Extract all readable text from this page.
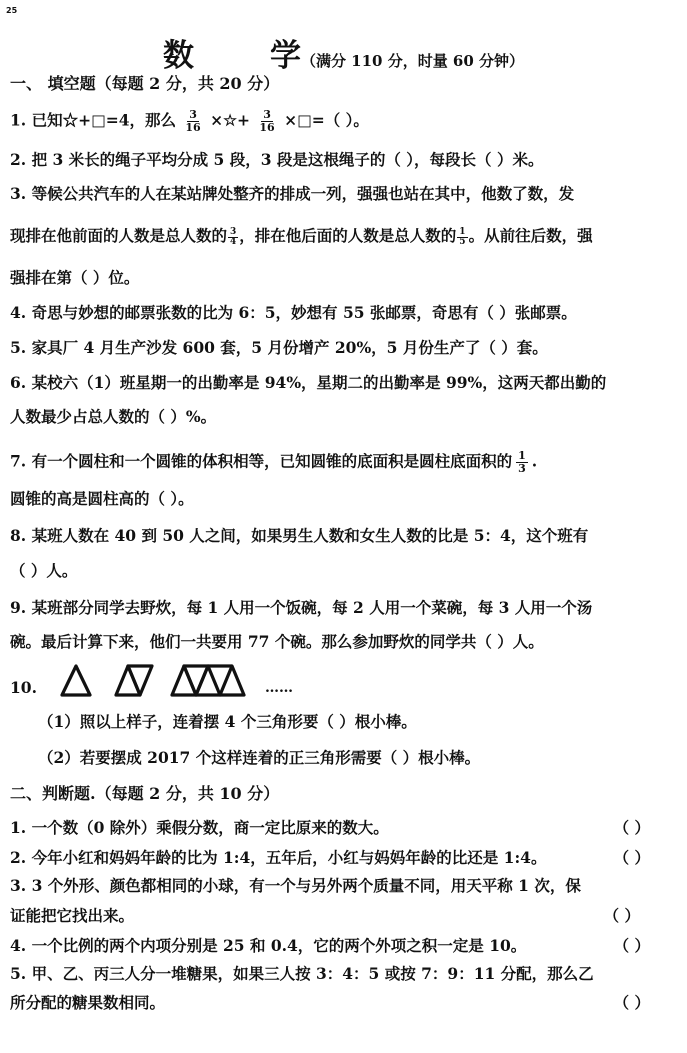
25
数 学（满分 110 分，时量 60 分钟）
一、 填空题（每题 2 分，共 20 分）
1. 已知☆+□=4，那么 $\frac{3}{16}$ ×☆+ $\frac{3}{16}$ ×□=（ ）。
2. 把 3 米长的绳子平均分成 5 段，3 段是这根绳子的（ ），每段长（ ）米。
3. 等候公共汽车的人在某站牌处整齐的排成一列，强强也站在其中，他数了数，发
现排在他前面的人数是总人数的 $\frac{3}{4}$ ，排在他后面的人数是总人数的 $\frac{1}{5}$ 。从前往后数，强
强排在第（ ）位。
4. 奇思与妙想的邮票张数的比为 6：5，妙想有 55 张邮票，奇思有（ ）张邮票。
5. 家具厂 4 月生产沙发 600 套，5 月份增产 20%，5 月份生产了（ ）套。
6. 某校六（1）班星期一的出勤率是 94%，星期二的出勤率是 99%，这两天都出勤的
人数最少占总人数的（ ）%。
7. 有一个圆柱和一个圆锥的体积相等，已知圆锥的底面积是圆柱底面积的 $\frac{1}{3}$ .
圆锥的高是圆柱高的（ ）。
8. 某班人数在 40 到 50 人之间，如果男生人数和女生人数的比是 5：4，这个班有
（ ）人。
9. 某班部分同学去野炊，每 1 人用一个饭碗，每 2 人用一个菜碗，每 3 人用一个汤
碗。最后计算下来，他们一共要用 77 个碗。那么参加野炊的同学共（ ）人。
10.	……
（1）照以上样子，连着摆 4 个三角形要（ ）根小棒。
（2）若要摆成 2017 个这样连着的正三角形需要（ ）根小棒。
二、判断题.（每题 2 分，共 10 分）
1. 一个数（0 除外）乘假分数，商一定比原来的数大。	（ ）
2. 今年小红和妈妈年龄的比为 1:4，五年后，小红与妈妈年龄的比还是 1:4。	（ ）
3. 3 个外形、颜色都相同的小球，有一个与另外两个质量不同，用天平称 1 次，保
证能把它找出来。	（ ）
4. 一个比例的两个内项分别是 25 和 0.4，它的两个外项之积一定是 10。	（ ）
5. 甲、乙、丙三人分一堆糖果，如果三人按 3：4：5 或按 7：9：11 分配，那么乙
所分配的糖果数相同。	（ ）
